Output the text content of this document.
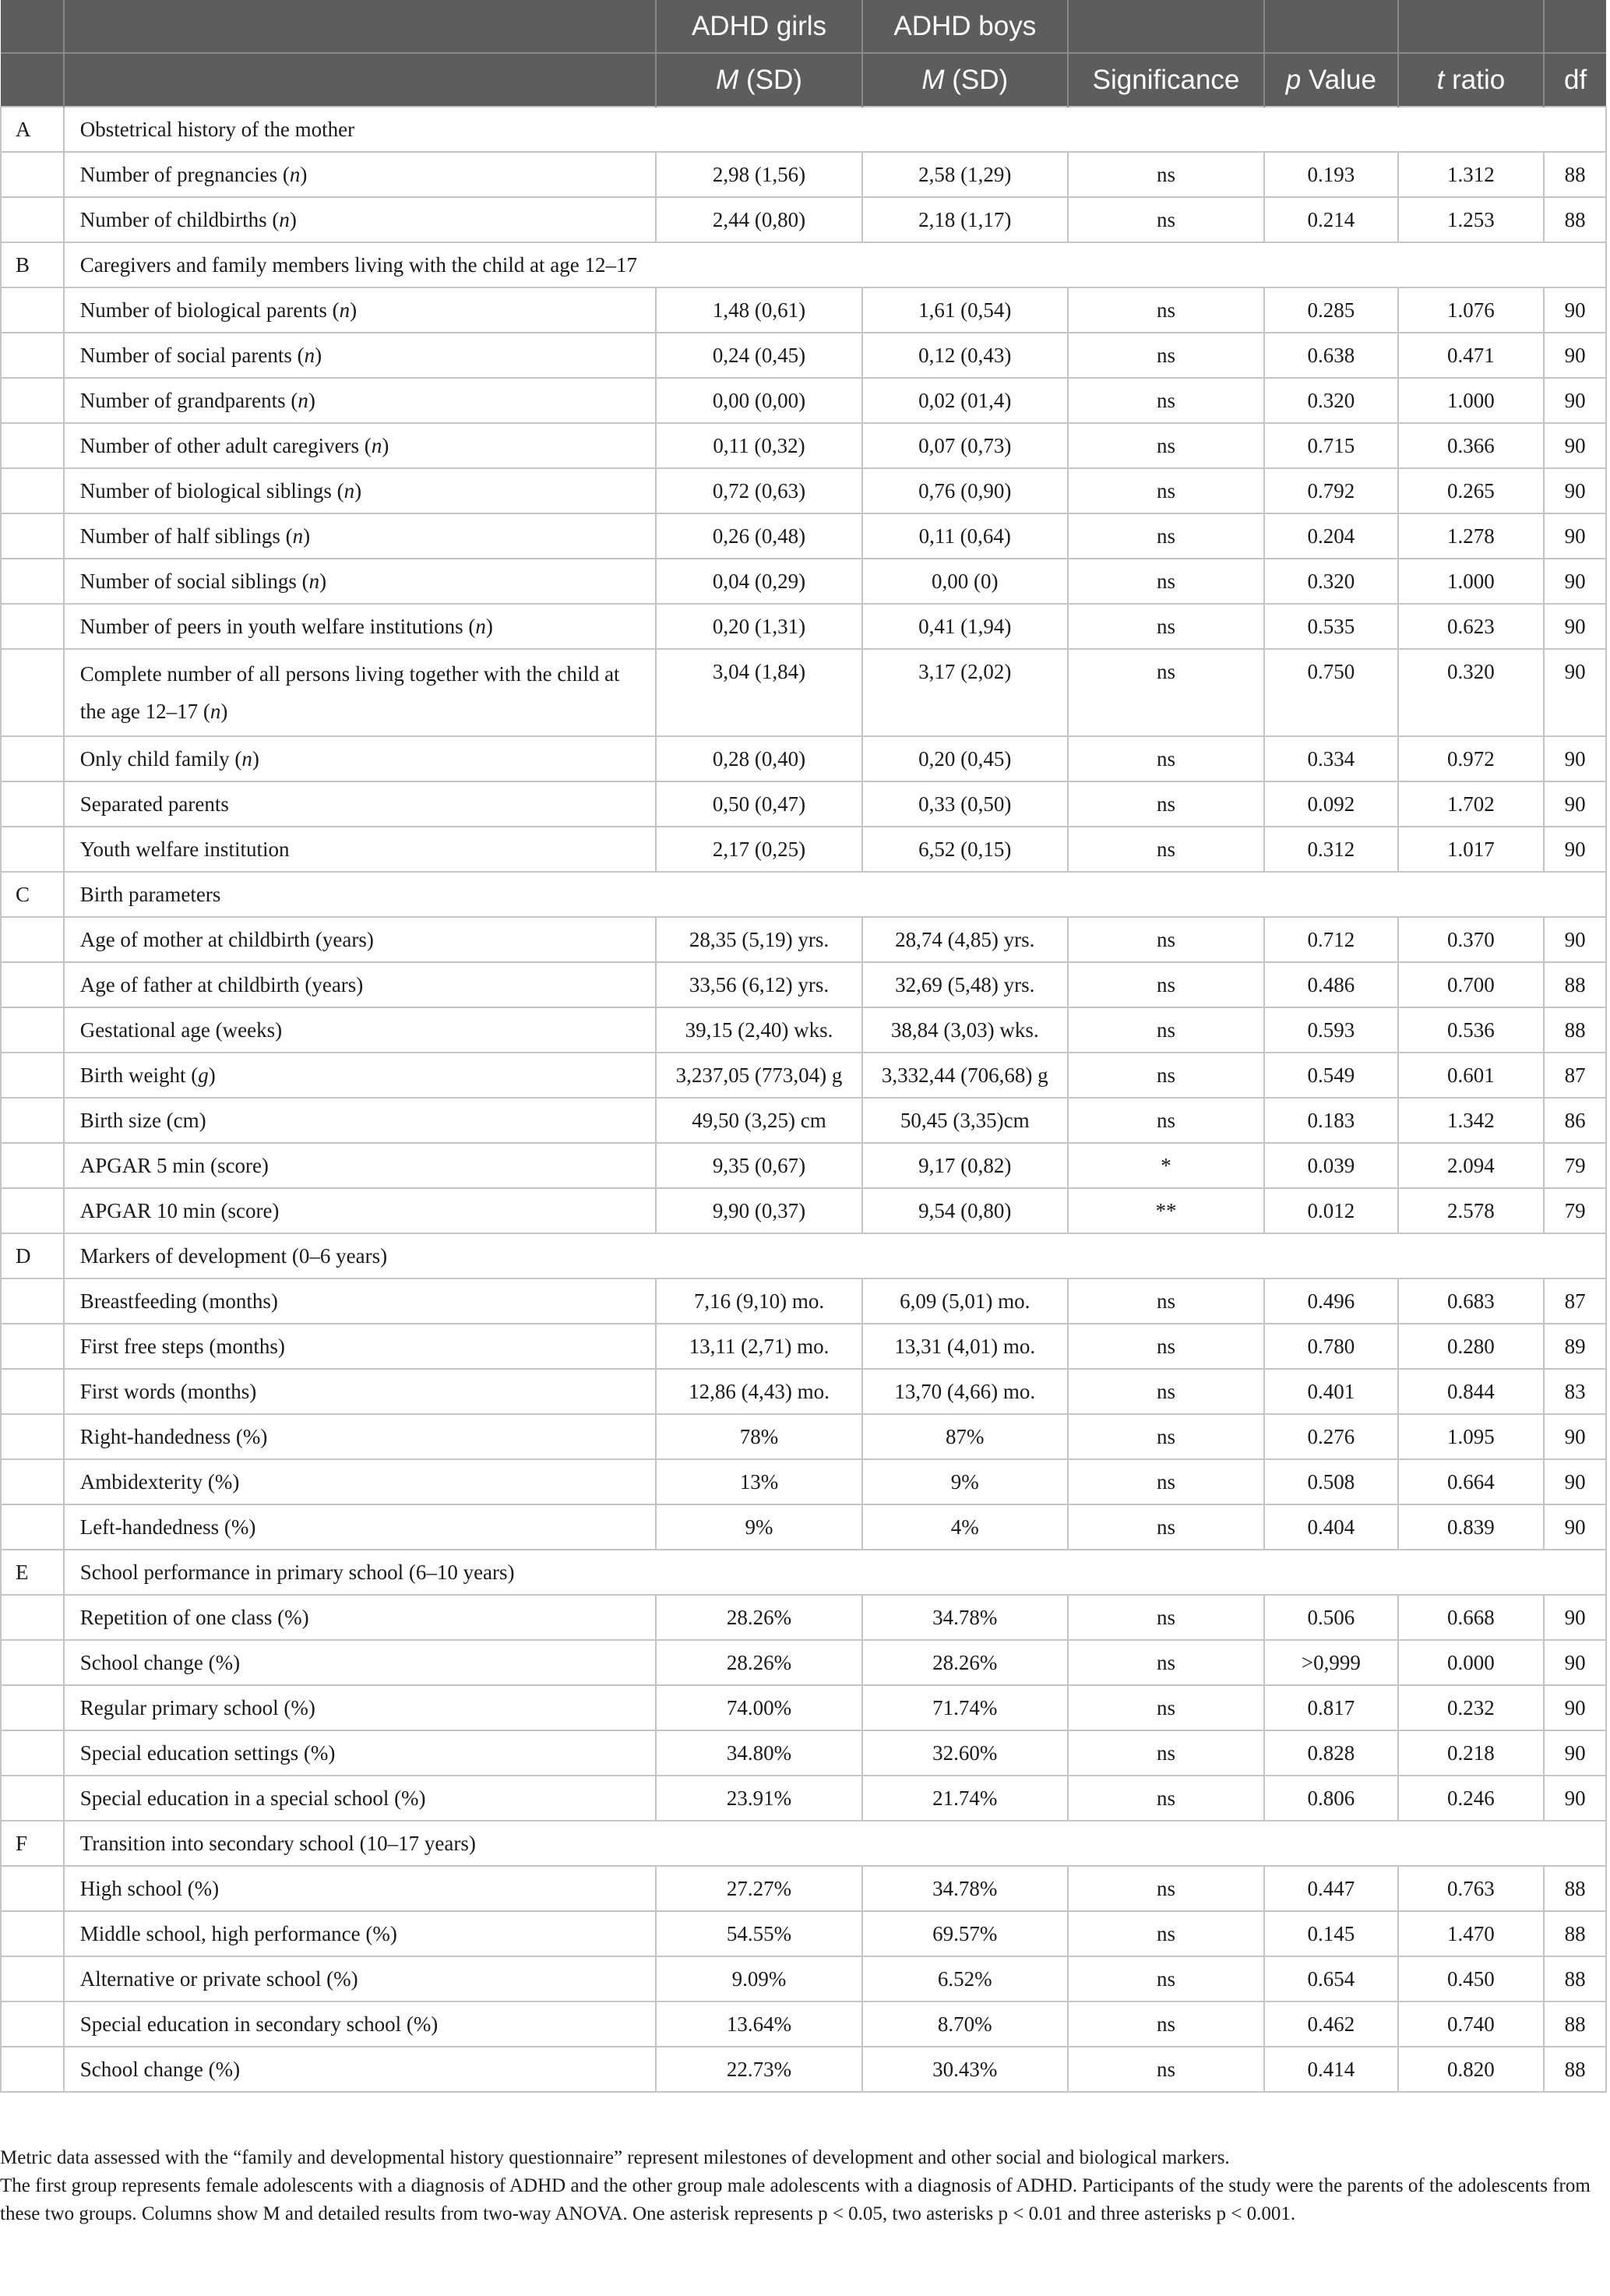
		ADHD girls	ADHD boys				
		M (SD)	M (SD)	Significance	p Value	t ratio	df
A	Obstetrical history of the mother						
	Number of pregnancies (n)	2,98 (1,56)	2,58 (1,29)	ns	0.193	1.312	88
	Number of childbirths (n)	2,44 (0,80)	2,18 (1,17)	ns	0.214	1.253	88
B	Caregivers and family members living with the child at age 12–17						
	Number of biological parents (n)	1,48 (0,61)	1,61 (0,54)	ns	0.285	1.076	90
	Number of social parents (n)	0,24 (0,45)	0,12 (0,43)	ns	0.638	0.471	90
	Number of grandparents (n)	0,00 (0,00)	0,02 (01,4)	ns	0.320	1.000	90
	Number of other adult caregivers (n)	0,11 (0,32)	0,07 (0,73)	ns	0.715	0.366	90
	Number of biological siblings (n)	0,72 (0,63)	0,76 (0,90)	ns	0.792	0.265	90
	Number of half siblings (n)	0,26 (0,48)	0,11 (0,64)	ns	0.204	1.278	90
	Number of social siblings (n)	0,04 (0,29)	0,00 (0)	ns	0.320	1.000	90
	Number of peers in youth welfare institutions (n)	0,20 (1,31)	0,41 (1,94)	ns	0.535	0.623	90
	Complete number of all persons living together with the child at the age 12–17 (n)	3,04 (1,84)	3,17 (2,02)	ns	0.750	0.320	90
	Only child family (n)	0,28 (0,40)	0,20 (0,45)	ns	0.334	0.972	90
	Separated parents	0,50 (0,47)	0,33 (0,50)	ns	0.092	1.702	90
	Youth welfare institution	2,17 (0,25)	6,52 (0,15)	ns	0.312	1.017	90
C	Birth parameters						
	Age of mother at childbirth (years)	28,35 (5,19) yrs.	28,74 (4,85) yrs.	ns	0.712	0.370	90
	Age of father at childbirth (years)	33,56 (6,12) yrs.	32,69 (5,48) yrs.	ns	0.486	0.700	88
	Gestational age (weeks)	39,15 (2,40) wks.	38,84 (3,03) wks.	ns	0.593	0.536	88
	Birth weight (g)	3,237,05 (773,04) g	3,332,44 (706,68) g	ns	0.549	0.601	87
	Birth size (cm)	49,50 (3,25) cm	50,45 (3,35)cm	ns	0.183	1.342	86
	APGAR 5 min (score)	9,35 (0,67)	9,17 (0,82)	*	0.039	2.094	79
	APGAR 10 min (score)	9,90 (0,37)	9,54 (0,80)	**	0.012	2.578	79
D	Markers of development (0–6 years)						
	Breastfeeding (months)	7,16 (9,10) mo.	6,09 (5,01) mo.	ns	0.496	0.683	87
	First free steps (months)	13,11 (2,71) mo.	13,31 (4,01) mo.	ns	0.780	0.280	89
	First words (months)	12,86 (4,43) mo.	13,70 (4,66) mo.	ns	0.401	0.844	83
	Right-handedness (%)	78%	87%	ns	0.276	1.095	90
	Ambidexterity (%)	13%	9%	ns	0.508	0.664	90
	Left-handedness (%)	9%	4%	ns	0.404	0.839	90
E	School performance in primary school (6–10 years)						
	Repetition of one class (%)	28.26%	34.78%	ns	0.506	0.668	90
	School change (%)	28.26%	28.26%	ns	>0,999	0.000	90
	Regular primary school (%)	74.00%	71.74%	ns	0.817	0.232	90
	Special education settings (%)	34.80%	32.60%	ns	0.828	0.218	90
	Special education in a special school (%)	23.91%	21.74%	ns	0.806	0.246	90
F	Transition into secondary school (10–17 years)						
	High school (%)	27.27%	34.78%	ns	0.447	0.763	88
	Middle school, high performance (%)	54.55%	69.57%	ns	0.145	1.470	88
	Alternative or private school (%)	9.09%	6.52%	ns	0.654	0.450	88
	Special education in secondary school (%)	13.64%	8.70%	ns	0.462	0.740	88
	School change (%)	22.73%	30.43%	ns	0.414	0.820	88
Metric data assessed with the “family and developmental history questionnaire” represent milestones of development and other social and biological markers.
The first group represents female adolescents with a diagnosis of ADHD and the other group male adolescents with a diagnosis of ADHD. Participants of the study were the parents of the adolescents from these two groups. Columns show M and detailed results from two-way ANOVA. One asterisk represents p < 0.05, two asterisks p < 0.01 and three asterisks p < 0.001.
